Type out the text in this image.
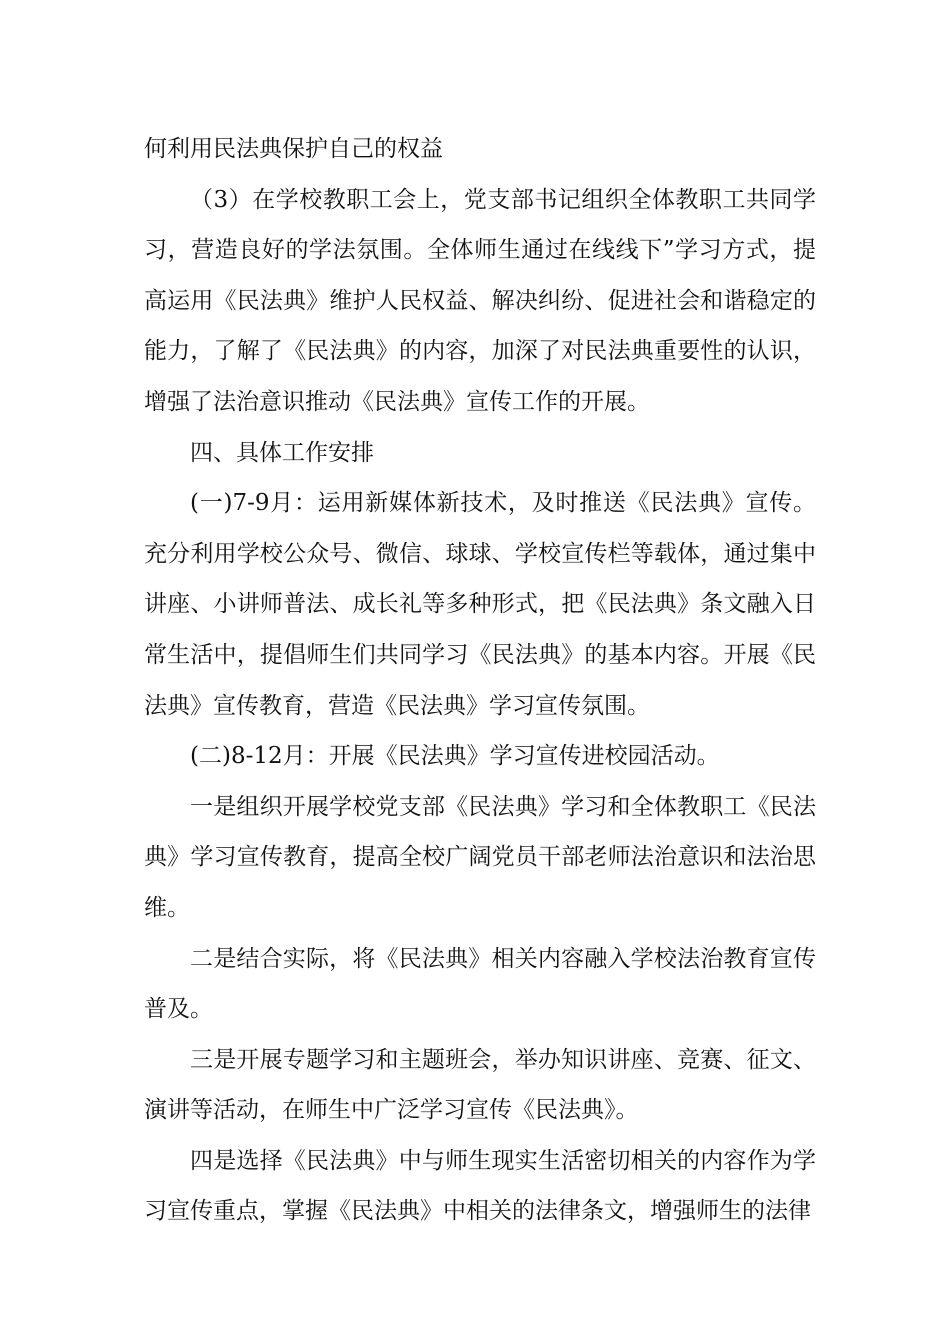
何利用民法典保护自己的权益

（3）在学校教职工会上，党支部书记组织全体教职工共同学习，营造良好的学法氛围。全体师生通过在线线下”学习方式，提高运用《民法典》维护人民权益、解决纠纷、促进社会和谐稳定的能力，了解了《民法典》的内容，加深了对民法典重要性的认识，增强了法治意识推动《民法典》宣传工作的开展。

四、具体工作安排

(一)7-9月：运用新媒体新技术，及时推送《民法典》宣传。充分利用学校公众号、微信、球球、学校宣传栏等载体，通过集中讲座、小讲师普法、成长礼等多种形式，把《民法典》条文融入日常生活中，提倡师生们共同学习《民法典》的基本内容。开展《民法典》宣传教育，营造《民法典》学习宣传氛围。

(二)8-12月：开展《民法典》学习宣传进校园活动。

一是组织开展学校党支部《民法典》学习和全体教职工《民法典》学习宣传教育，提高全校广阔党员干部老师法治意识和法治思维。

二是结合实际，将《民法典》相关内容融入学校法治教育宣传普及。

三是开展专题学习和主题班会，举办知识讲座、竞赛、征文、演讲等活动，在师生中广泛学习宣传《民法典》。

四是选择《民法典》中与师生现实生活密切相关的内容作为学习宣传重点，掌握《民法典》中相关的法律条文，增强师生的法律
